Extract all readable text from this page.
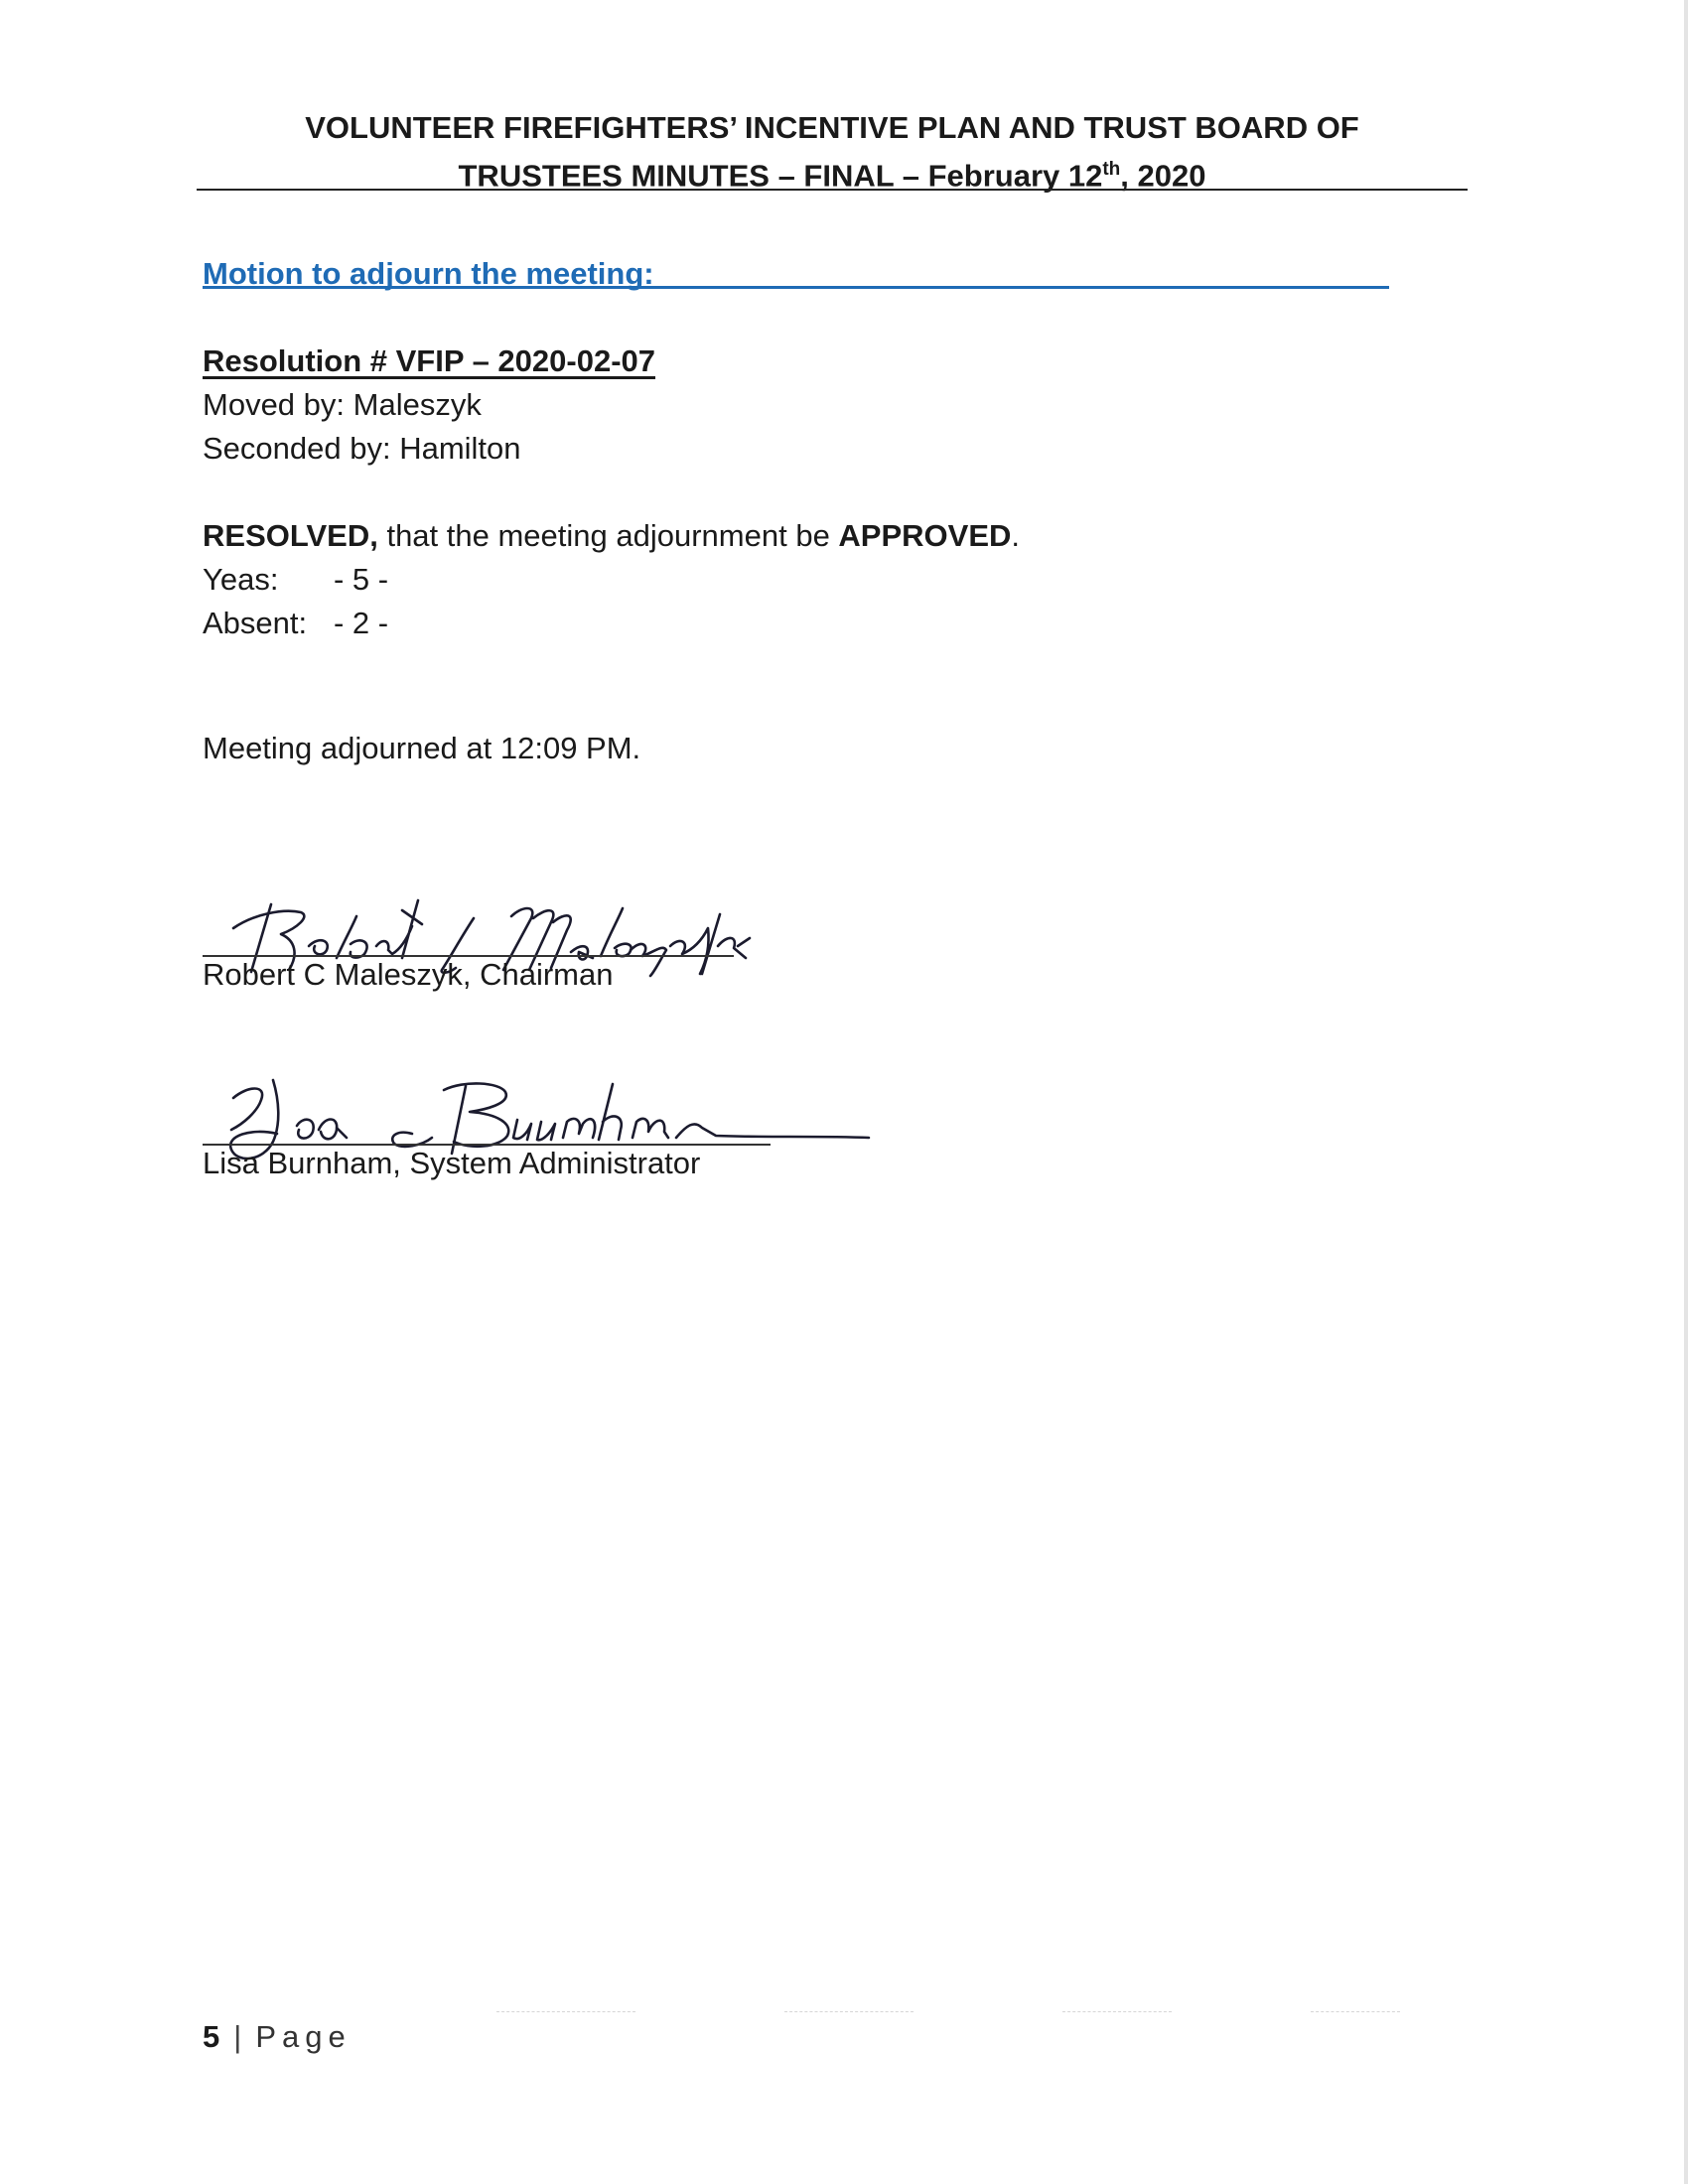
VOLUNTEER FIREFIGHTERS’ INCENTIVE PLAN AND TRUST BOARD OF
TRUSTEES MINUTES – FINAL – February 12th, 2020
Motion to adjourn the meeting:
Resolution # VFIP – 2020-02-07
Moved by: Maleszyk
Seconded by: Hamilton
RESOLVED, that the meeting adjournment be APPROVED.
Yeas: - 5 -
Absent: - 2 -
Meeting adjourned at 12:09 PM.
Robert C Maleszyk, Chairman
Lisa Burnham, System Administrator
5 | Page
